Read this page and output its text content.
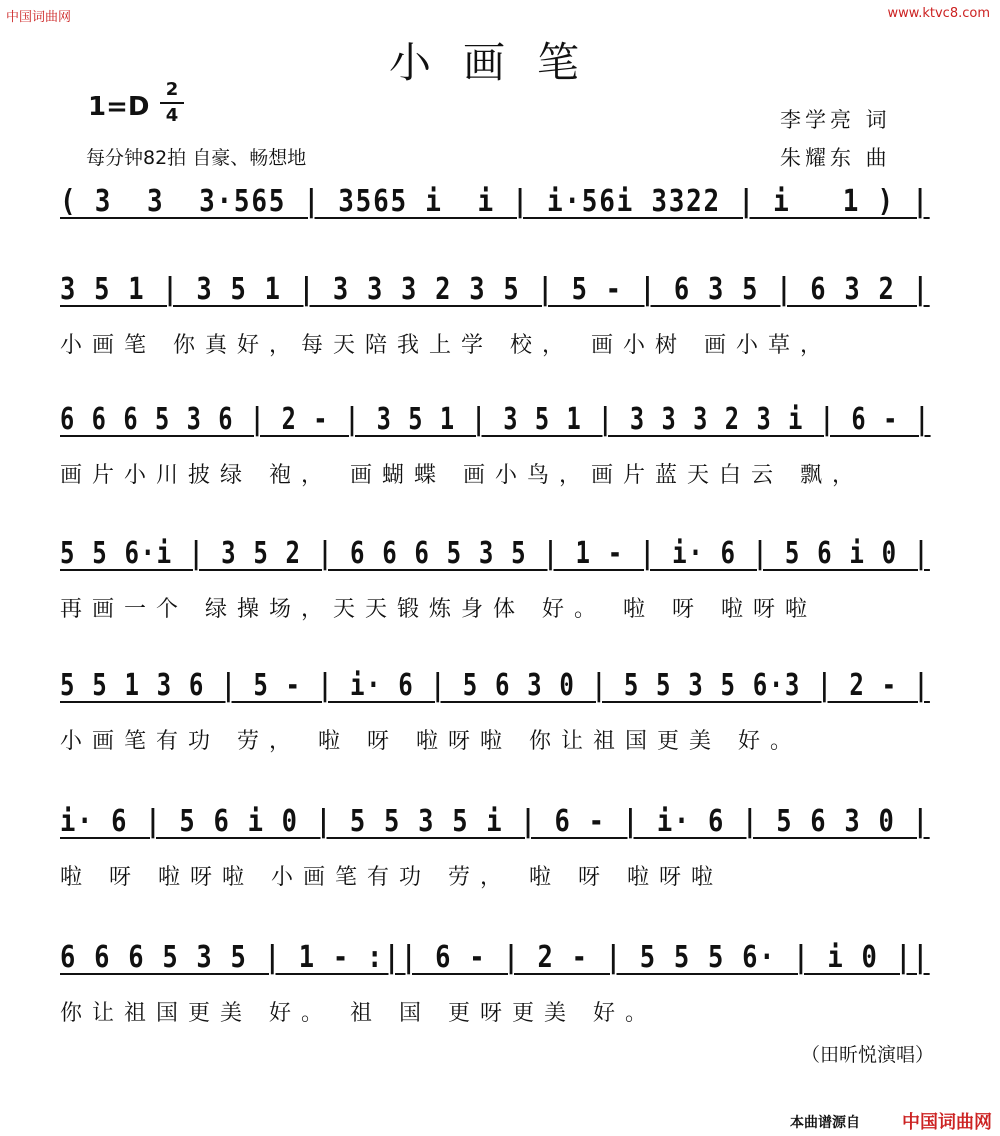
中国词曲网	www.ktvc8.com
小画笔
1=D
2
4
每分钟82拍 自豪、畅想地
李学亮 词
朱耀东 曲
( 3  3  3·565 | 3565 i  i | i·56i 3322 | i   1 ) |
3 5 1 | 3 5 1 | 3 3 3 2 3 5 | 5 - | 6 3 5 | 6 3 2 |
小画笔 你真好，每天陪我上学 校， 画小树 画小草，
6 6 6 5 3 6 | 2 - | 3 5 1 | 3 5 1 | 3 3 3 2 3 i | 6 - |
画片小川披绿 袍， 画蝴蝶 画小鸟，画片蓝天白云 飘，
5 5 6·i | 3 5 2 | 6 6 6 5 3 5 | 1 - | i· 6 | 5 6 i 0 |
再画一个 绿操场，天天锻炼身体 好。 啦 呀 啦呀啦
5 5 1 3 6 | 5 - | i· 6 | 5 6 3 0 | 5 5 3 5 6·3 | 2 - |
小画笔有功 劳， 啦 呀 啦呀啦 你让祖国更美 好。
i· 6 | 5 6 i 0 | 5 5 3 5 i | 6 - | i· 6 | 5 6 3 0 |
啦 呀 啦呀啦 小画笔有功 劳， 啦 呀 啦呀啦
6 6 6 5 3 5 | 1 - :|| 6 - | 2 - | 5 5 5 6· | i 0 ||
你让祖国更美 好。 祖 国 更呀更美 好。
（田昕悦演唱）
本曲谱源自 中国词曲网
